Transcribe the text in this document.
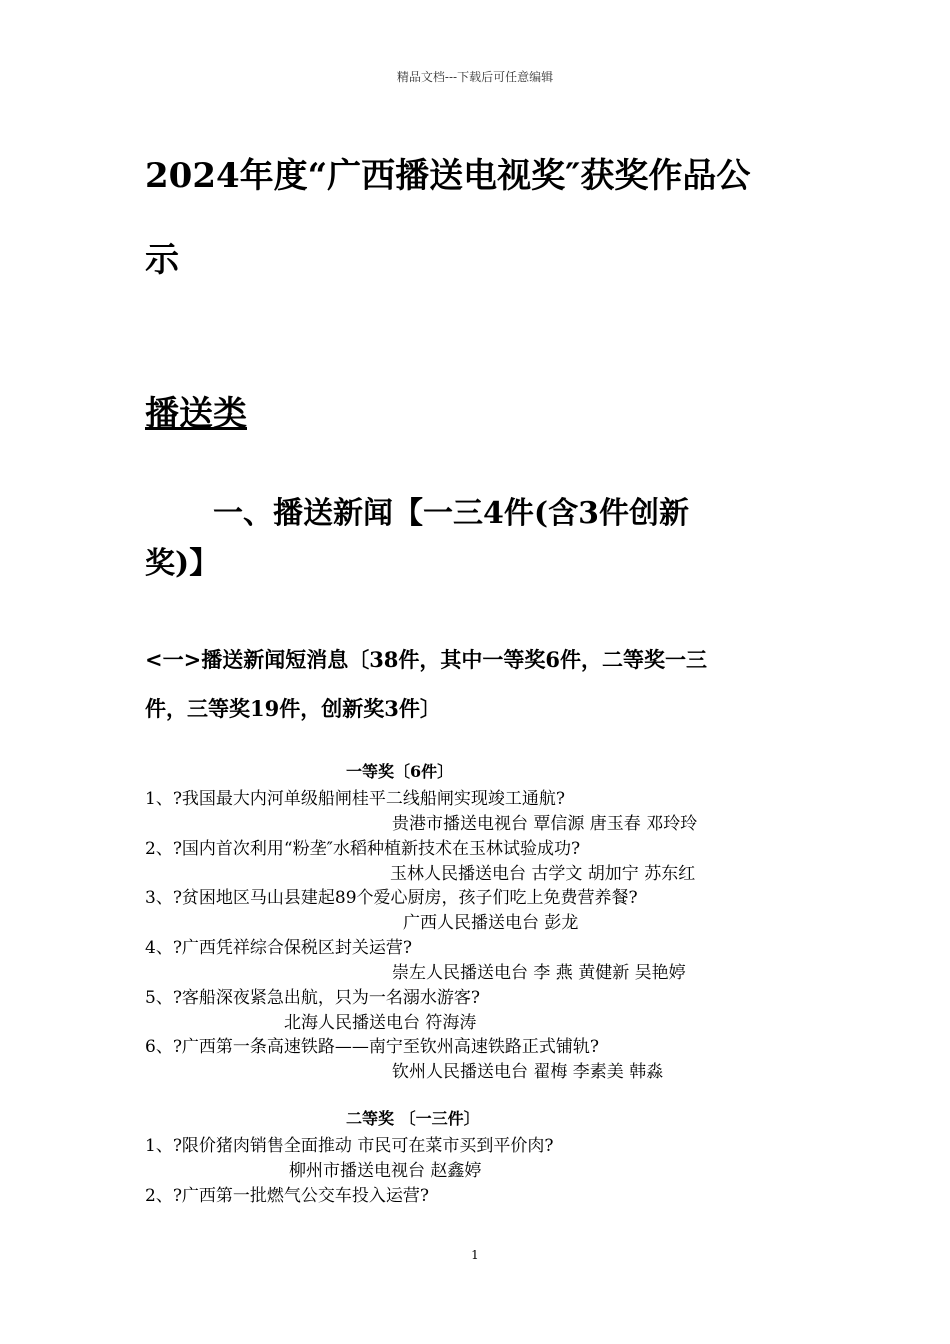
精品文档---下载后可任意编辑
2024年度“广西播送电视奖″获奖作品公
示
播送类
一、播送新闻【一三4件(含3件创新
奖)】
<一>播送新闻短消息〔38件，其中一等奖6件，二等奖一三
件，三等奖19件，创新奖3件〕
一等奖〔6件〕
1、?我国最大内河单级船闸桂平二线船闸实现竣工通航?
贵港市播送电视台 覃信源 唐玉春 邓玲玲
2、?国内首次利用“粉垄″水稻种植新技术在玉林试验成功?
玉林人民播送电台 古学文 胡加宁 苏东红
3、?贫困地区马山县建起89个爱心厨房，孩子们吃上免费营养餐?
广西人民播送电台 彭龙
4、?广西凭祥综合保税区封关运营?
崇左人民播送电台 李 燕 黄健新 吴艳婷
5、?客船深夜紧急出航，只为一名溺水游客?
北海人民播送电台 符海涛
6、?广西第一条高速铁路——南宁至钦州高速铁路正式铺轨?
钦州人民播送电台 翟梅 李素美 韩淼
二等奖 〔一三件〕
1、?限价猪肉销售全面推动 市民可在菜市买到平价肉?
柳州市播送电视台 赵鑫婷
2、?广西第一批燃气公交车投入运营?
1
